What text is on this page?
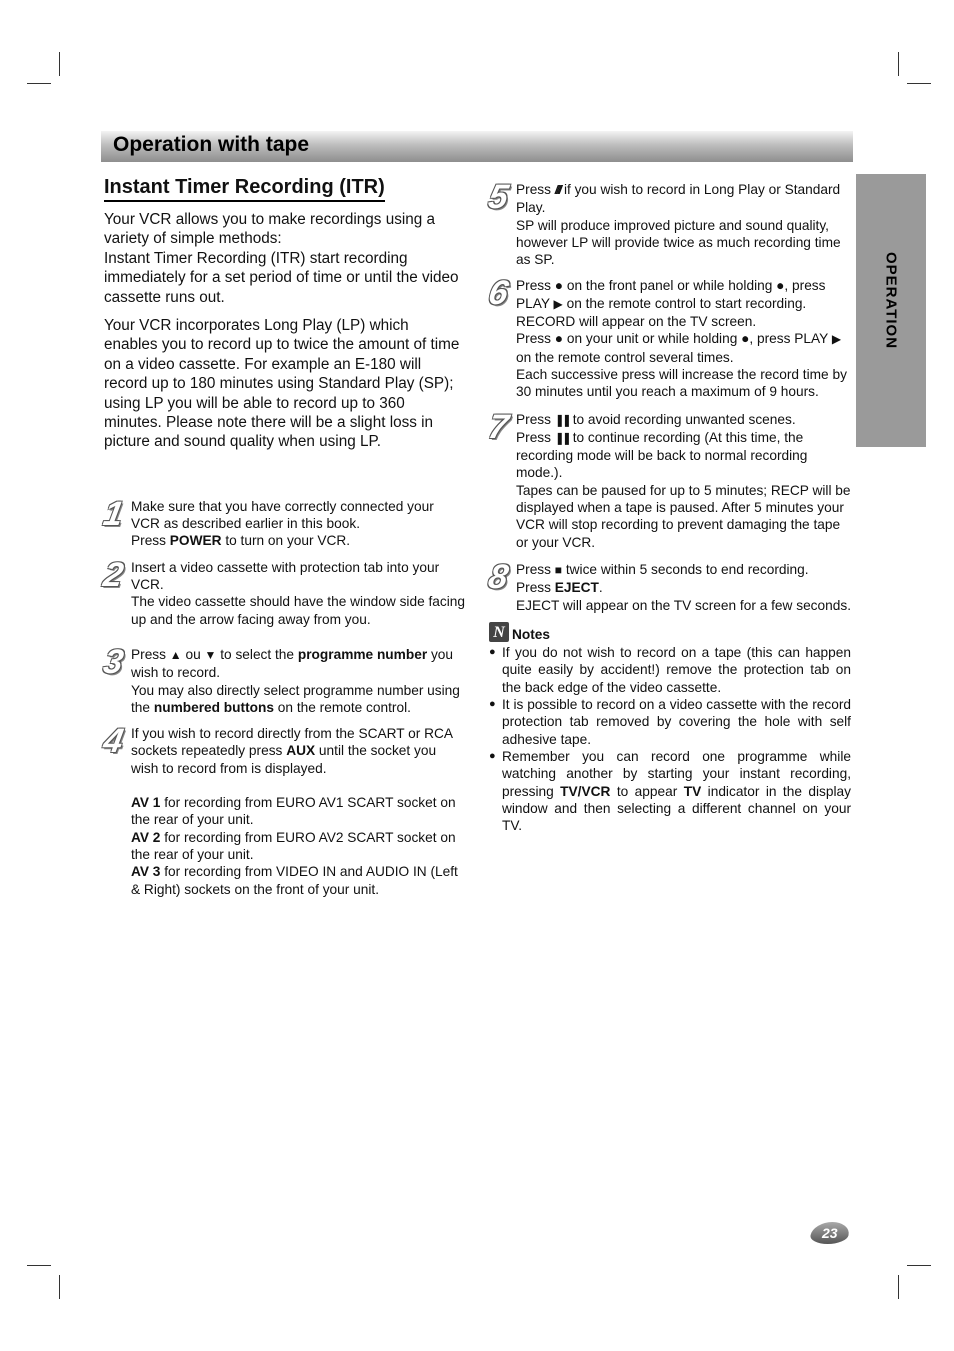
Operation with tape
OPERATION
Instant Timer Recording (ITR)

Your VCR allows you to make recordings using a variety of simple methods:

Instant Timer Recording (ITR) start recording immediately for a set period of time or until the video cassette runs out.

Your VCR incorporates Long Play (LP) which enables you to record up to twice the amount of time on a video cassette. For example an E-180 will record up to 180 minutes using Standard Play (SP); using LP you will be able to record up to 360 minutes. Please note there will be a slight loss in picture and sound quality when using LP.

1 Make sure that you have correctly connected your VCR as described earlier in this book.

Press POWER to turn on your VCR.

2 Insert a video cassette with protection tab into your VCR.

The video cassette should have the window side facing up and the arrow facing away from you.

3 Press ▲ ou ▼ to select the programme number you wish to record.

You may also directly select programme number using the numbered buttons on the remote control.

4 If you wish to record directly from the SCART or RCA sockets repeatedly press AUX until the socket you wish to record from is displayed.

AV 1 for recording from EURO AV1 SCART socket on the rear of your unit.

AV 2 for recording from EURO AV2 SCART socket on the rear of your unit.

AV 3 for recording from VIDEO IN and AUDIO IN (Left & Right) sockets on the front of your unit.

5 Press //// if you wish to record in Long Play or Standard Play.

SP will produce improved picture and sound quality, however LP will provide twice as much recording time as SP.

6 Press ● on the front panel or while holding ●, press PLAY ▶ on the remote control to start recording.

RECORD will appear on the TV screen.

Press ● on your unit or while holding ●, press PLAY ▶ on the remote control several times.

Each successive press will increase the record time by 30 minutes until you reach a maximum of 9 hours.

7 Press ❚❚ to avoid recording unwanted scenes.

Press ❚❚ to continue recording (At this time, the recording mode will be back to normal recording mode.).

Tapes can be paused for up to 5 minutes; RECP will be displayed when a tape is paused. After 5 minutes your VCR will stop recording to prevent damaging the tape or your VCR.

8 Press ■ twice within 5 seconds to end recording.

Press EJECT.

EJECT will appear on the TV screen for a few seconds.

N Notes
● If you do not wish to record on a tape (this can happen quite easily by accident!) remove the protection tab on the back edge of the video cassette.
● It is possible to record on a video cassette with the record protection tab removed by covering the hole with self adhesive tape.
● Remember you can record one programme while watching another by starting your instant recording, pressing TV/VCR to appear TV indicator in the display window and then selecting a different channel on your TV.
23
